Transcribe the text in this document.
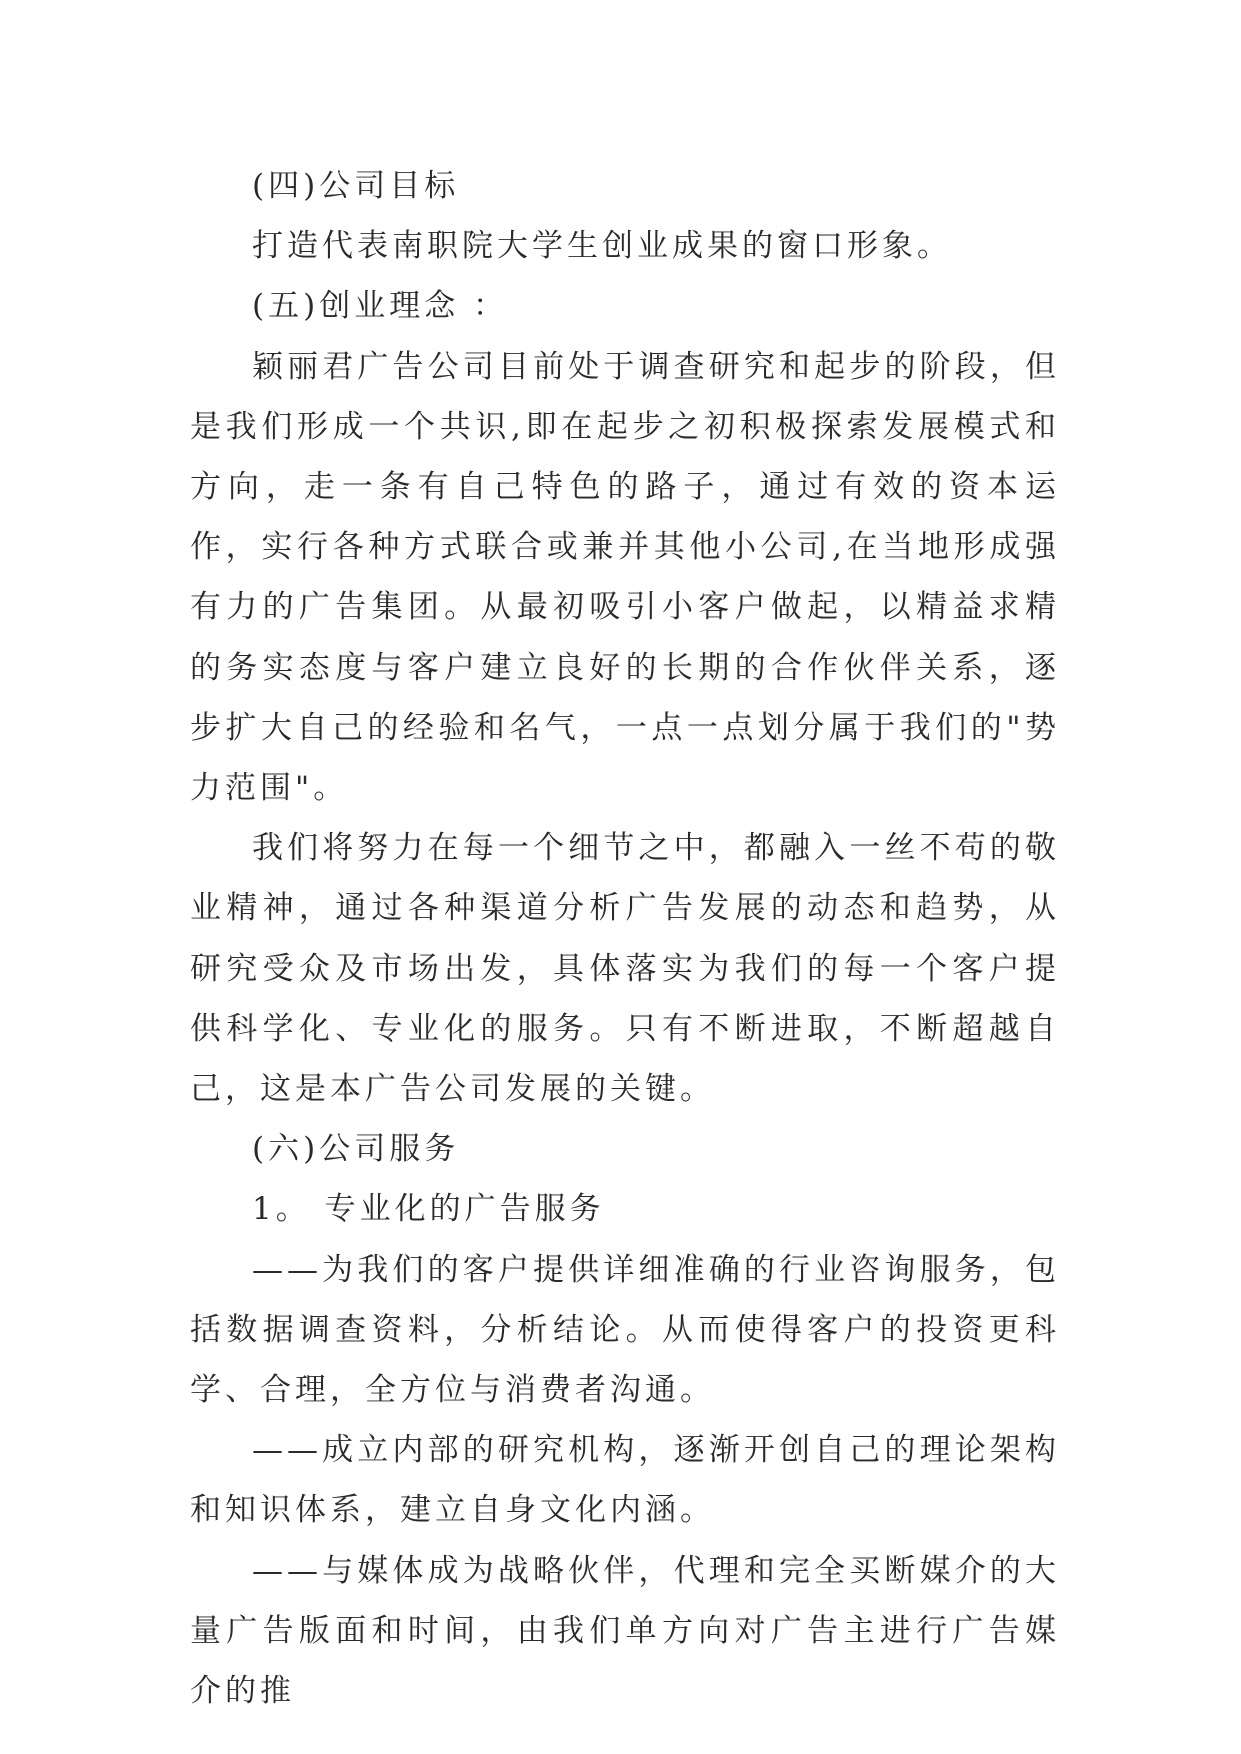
(四)公司目标

打造代表南职院大学生创业成果的窗口形象。

(五)创业理念 ：

颖丽君广告公司目前处于调查研究和起步的阶段，但是我们形成一个共识,即在起步之初积极探索发展模式和方向，走一条有自己特色的路子，通过有效的资本运作，实行各种方式联合或兼并其他小公司,在当地形成强有力的广告集团。从最初吸引小客户做起，以精益求精的务实态度与客户建立良好的长期的合作伙伴关系，逐步扩大自己的经验和名气，一点一点划分属于我们的"势力范围"。

我们将努力在每一个细节之中，都融入一丝不苟的敬业精神，通过各种渠道分析广告发展的动态和趋势，从研究受众及市场出发，具体落实为我们的每一个客户提供科学化、专业化的服务。只有不断进取，不断超越自己，这是本广告公司发展的关键。

(六)公司服务

1。 专业化的广告服务

——为我们的客户提供详细准确的行业咨询服务，包括数据调查资料，分析结论。从而使得客户的投资更科学、合理，全方位与消费者沟通。

——成立内部的研究机构，逐渐开创自己的理论架构和知识体系，建立自身文化内涵。

——与媒体成为战略伙伴，代理和完全买断媒介的大量广告版面和时间，由我们单方向对广告主进行广告媒介的推
